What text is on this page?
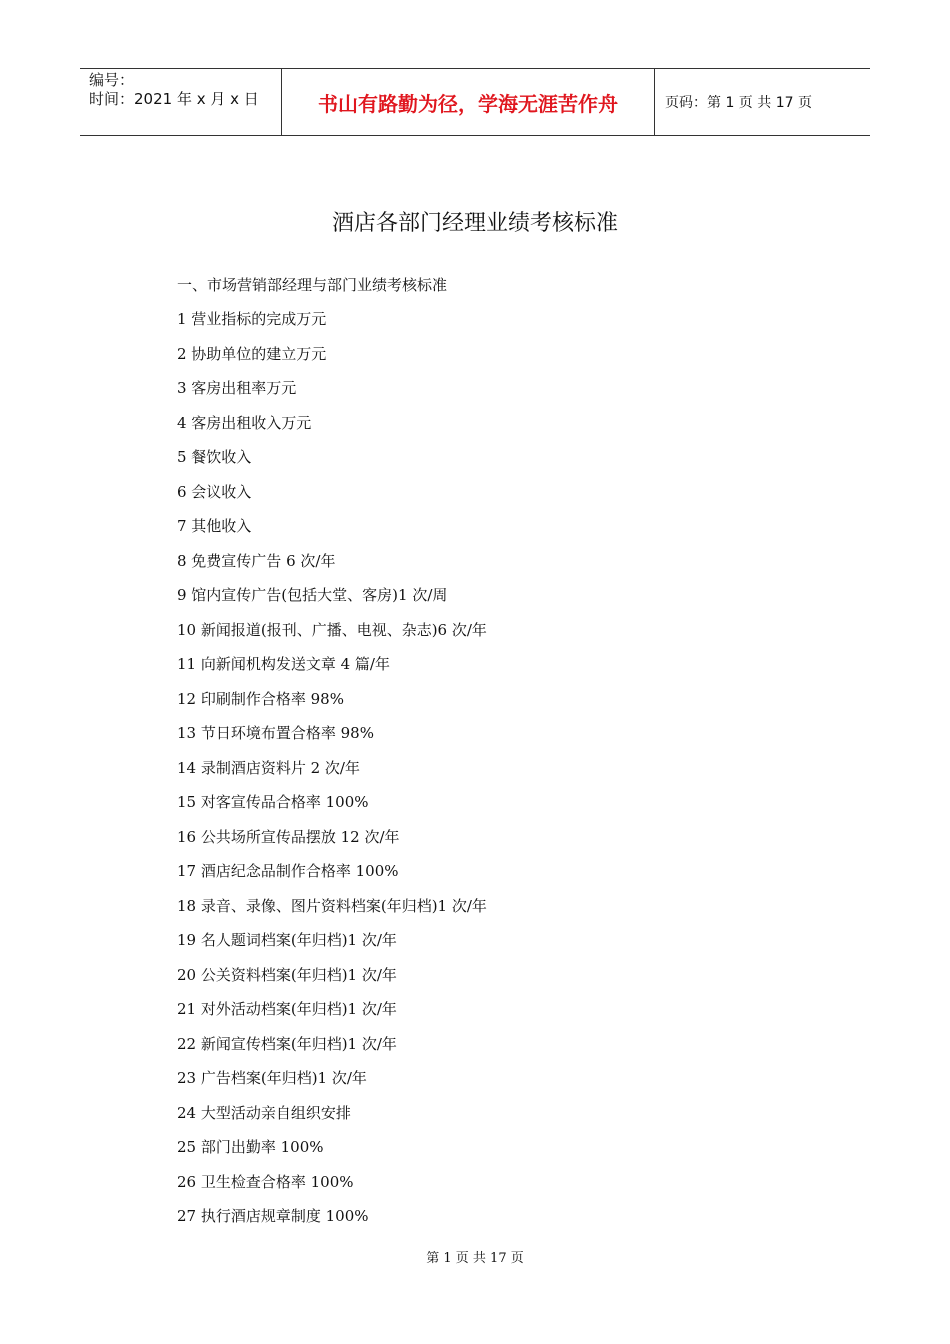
编号：
时间：2021 年 x 月 x 日	书山有路勤为径，学海无涯苦作舟	页码：第 1 页 共 17 页
酒店各部门经理业绩考核标准
一、市场营销部经理与部门业绩考核标准
1 营业指标的完成万元
2 协助单位的建立万元
3 客房出租率万元
4 客房出租收入万元
5 餐饮收入
6 会议收入
7 其他收入
8 免费宣传广告 6 次/年
9 馆内宣传广告(包括大堂、客房)1 次/周
10 新闻报道(报刊、广播、电视、杂志)6 次/年
11 向新闻机构发送文章 4 篇/年
12 印刷制作合格率 98%
13 节日环境布置合格率 98%
14 录制酒店资料片 2 次/年
15 对客宣传品合格率 100%
16 公共场所宣传品摆放 12 次/年
17 酒店纪念品制作合格率 100%
18 录音、录像、图片资料档案(年归档)1 次/年
19 名人题词档案(年归档)1 次/年
20 公关资料档案(年归档)1 次/年
21 对外活动档案(年归档)1 次/年
22 新闻宣传档案(年归档)1 次/年
23 广告档案(年归档)1 次/年
24 大型活动亲自组织安排
25 部门出勤率 100%
26 卫生检查合格率 100%
27 执行酒店规章制度 100%
第 1 页 共 17 页
